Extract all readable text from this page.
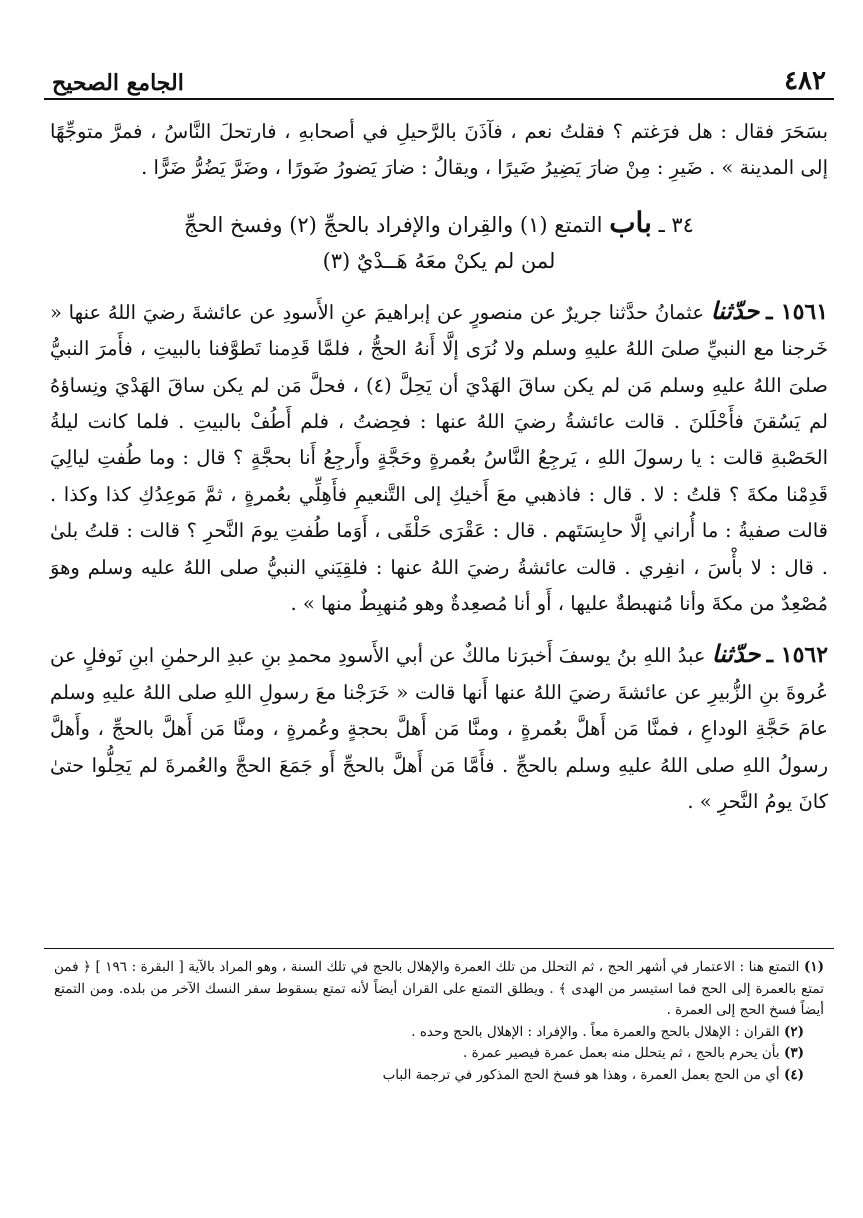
٤٨٢
الجامع الصحيح

بسَحَرَ فقال : هل فرَغتم ؟ فقلتُ نعم ، فآذَنَ بالرَّحيلِ في أصحابهِ ، فارتحلَ النَّاسُ ، فمرَّ متوجِّهًا إلى المدينة » . ضَيرِ : مِنْ ضارَ يَضِيرُ ضَيرًا ، ويقالُ : ضارَ يَضورُ ضَورًا ، وضَرَّ يَضُرُّ ضَرًّا .

٣٤ ـ باب التمتع (١) والقِران والإفراد بالحجِّ (٢) وفسخ الحجِّ
لمن لم يكنْ معَهُ هَــدْيٌ (٣)

١٥٦١ ـ حدّثنا عثمانُ حدَّثنا جريرٌ عن منصورٍ عن إبراهيمَ عنِ الأَسودِ عن عائشةَ رضيَ اللهُ عنها « خَرجنا مع النبيِّ صلىَ اللهُ عليهِ وسلم ولا نُرَى إلَّا أَنهُ الحجُّ ، فلمَّا قَدِمنا تَطوَّفنا بالبيتِ ، فأَمرَ النبيُّ صلىَ اللهُ عليهِ وسلم مَن لم يكن ساقَ الهَدْيَ أن يَحِلَّ (٤) ، فحلَّ مَن لم يكن ساقَ الهَدْيَ ونِساؤهُ لم يَسُقنَ فأَحْلَلنَ . قالت عائشةُ رضيَ اللهُ عنها : فحِضتُ ، فلم أَطُفْ بالبيتِ . فلما كانت ليلةُ الحَصْبةِ قالت : يا رسولَ اللهِ ، يَرجِعُ النَّاسُ بعُمرةٍ وحَجَّةٍ وأَرجِعُ أَنا بحجَّةٍ ؟ قال : وما طُفتِ ليالِيَ قَدِمْنا مكةَ ؟ قلتُ : لا . قال : فاذهبي معَ أَخيكِ إلى التَّنعيمِ فأَهِلِّي بعُمرةٍ ، ثمَّ مَوعِدُكِ كذا وكذا . قالت صفيةُ : ما أُراني إلَّا حابِسَتَهم . قال : عَقْرَى حَلْقَى ، أَوَما طُفتِ يومَ النَّحرِ ؟ قالت : قلتُ بلىٰ . قال : لا بأْسَ ، انفِري . قالت عائشةُ رضيَ اللهُ عنها : فلقِيَني النبيُّ صلى اللهُ عليه وسلم وهوَ مُصْعِدٌ من مكةَ وأنا مُنهبطةٌ عليها ، أَو أنا مُصعِدةٌ وهو مُنهبِطٌ منها » .

١٥٦٢ ـ حدّثنا عبدُ اللهِ بنُ يوسفَ أَخبرَنا مالكٌ عن أبي الأَسودِ محمدِ بنِ عبدِ الرحمٰنِ ابنِ نَوفلٍ عن عُروةَ بنِ الزُّبيرِ عن عائشةَ رضيَ اللهُ عنها أَنها قالت « خَرَجْنا معَ رسولِ اللهِ صلى اللهُ عليهِ وسلم عامَ حَجَّةِ الوداعِ ، فمنَّا مَن أَهلَّ بعُمرةٍ ، ومنَّا مَن أَهلَّ بحجةٍ وعُمرةٍ ، ومنَّا مَن أَهلَّ بالحجِّ ، وأَهلَّ رسولُ اللهِ صلى اللهُ عليهِ وسلم بالحجِّ . فأَمَّا مَن أَهلَّ بالحجِّ أَو جَمَعَ الحجَّ والعُمرةَ لم يَحِلُّوا حتىٰ كانَ يومُ النَّحرِ » .

(١) التمتع هنا : الاعتمار في أشهر الحج ، ثم التحلل من تلك العمرة والإهلال بالحج في تلك السنة ، وهو المراد بالآية [ البقرة : ١٩٦ ] ﴿ فمن تمتع بالعمرة إلى الحج فما استيسر من الهدى ﴾ . ويطلق التمتع على القران أيضاً لأنه تمتع بسقوط سفر النسك الآخر من بلده. ومن التمتع أيضاً فسخ الحج إلى العمرة .

(٢) القران : الإهلال بالحج والعمرة معاً . والإفراد : الإهلال بالحج وحده .

(٣) بأن يحرم بالحج ، ثم يتحلل منه بعمل عمرة فيصير عمرة .

(٤) أي من الحج بعمل العمرة ، وهذا هو فسخ الحج المذكور في ترجمة الباب
